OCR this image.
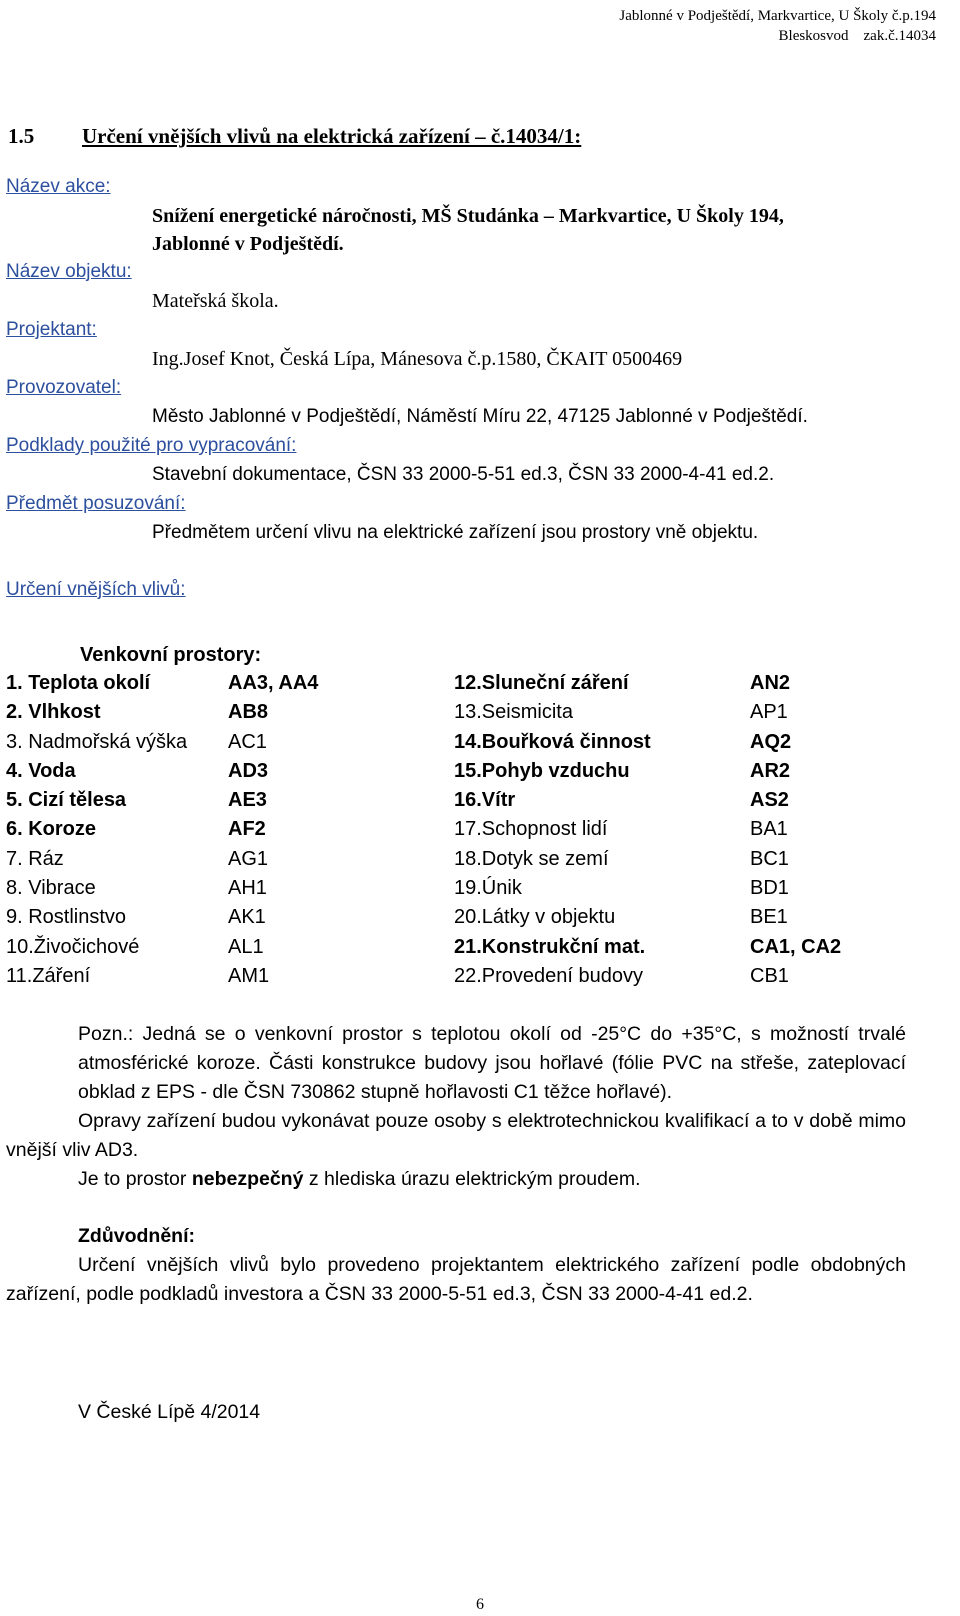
Jablonné v Podještědí, Markvartice, U Školy č.p.194
Bleskosvod    zak.č.14034
1.5 Určení vnějších vlivů na elektrická zařízení – č.14034/1:
Název akce:
Snížení energetické náročnosti, MŠ Studánka – Markvartice, U Školy 194,
Jablonné v Podještědí.
Název objektu:
Mateřská škola.
Projektant:
Ing.Josef Knot, Česká Lípa, Mánesova č.p.1580, ČKAIT 0500469
Provozovatel:
Město Jablonné v Podještědí, Náměstí Míru 22, 47125 Jablonné v Podještědí.
Podklady použité pro vypracování:
Stavební dokumentace, ČSN 33 2000-5-51 ed.3, ČSN 33 2000-4-41 ed.2.
Předmět posuzování:
Předmětem určení vlivu na elektrické zařízení jsou prostory vně objektu.
Určení vnějších vlivů:
Venkovní prostory:
1. Teplota okolí	AA3, AA4	12.Sluneční záření	AN2
2. Vlhkost	AB8	13.Seismicita	AP1
3. Nadmořská výška AC1	14.Bouřková činnost	AQ2
4. Voda	AD3	15.Pohyb vzduchu	AR2
5. Cizí tělesa	AE3	16.Vítr	AS2
6. Koroze	AF2	17.Schopnost lidí	BA1
7. Ráz	AG1	18.Dotyk se zemí	BC1
8. Vibrace	AH1	19.Únik	BD1
9. Rostlinstvo	AK1	20.Látky v objektu	BE1
10.Živočichové	AL1	21.Konstrukční mat.	CA1, CA2
11.Záření	AM1	22.Provedení budovy	CB1

Pozn.: Jedná se o venkovní prostor s teplotou okolí od -25°C do +35°C, s možností trvalé atmosférické koroze. Části konstrukce budovy jsou hořlavé (fólie PVC na střeše, zateplovací obklad z EPS - dle ČSN 730862 stupně hořlavosti C1 těžce hořlavé).

Opravy zařízení budou vykonávat pouze osoby s elektrotechnickou kvalifikací a to v době mimo vnější vliv AD3.

Je to prostor nebezpečný z hlediska úrazu elektrickým proudem.

Zdůvodnění:

Určení vnějších vlivů bylo provedeno projektantem elektrického zařízení podle obdobných zařízení, podle podkladů investora a ČSN 33 2000-5-51 ed.3, ČSN 33 2000-4-41 ed.2.

V České Lípě 4/2014

6
